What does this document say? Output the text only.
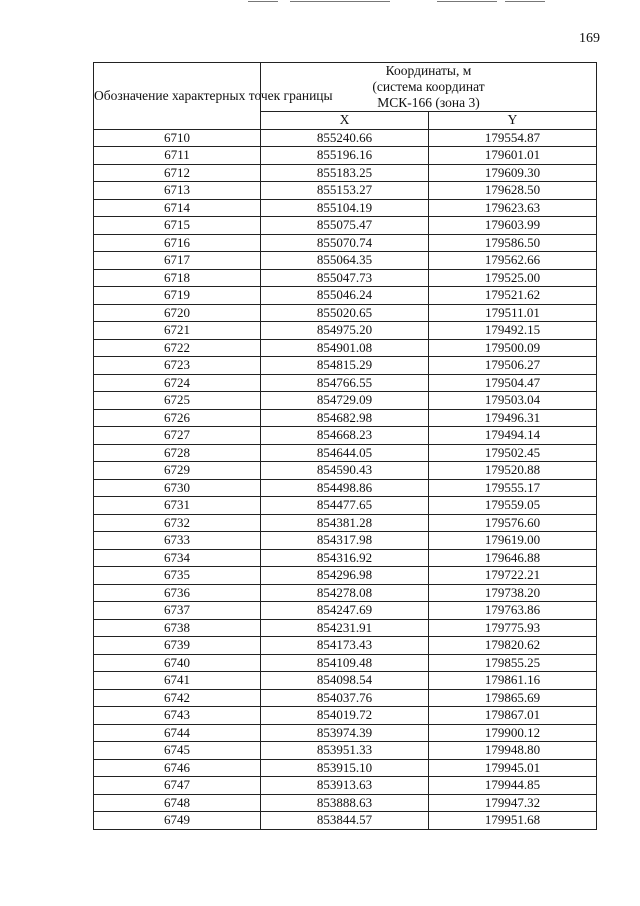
169
Обозначение характерных точек границы	Координаты, м
(система координат
МСК-166 (зона 3)	

	X	Y
6710	855240.66	179554.87
6711	855196.16	179601.01
6712	855183.25	179609.30
6713	855153.27	179628.50
6714	855104.19	179623.63
6715	855075.47	179603.99
6716	855070.74	179586.50
6717	855064.35	179562.66
6718	855047.73	179525.00
6719	855046.24	179521.62
6720	855020.65	179511.01
6721	854975.20	179492.15
6722	854901.08	179500.09
6723	854815.29	179506.27
6724	854766.55	179504.47
6725	854729.09	179503.04
6726	854682.98	179496.31
6727	854668.23	179494.14
6728	854644.05	179502.45
6729	854590.43	179520.88
6730	854498.86	179555.17
6731	854477.65	179559.05
6732	854381.28	179576.60
6733	854317.98	179619.00
6734	854316.92	179646.88
6735	854296.98	179722.21
6736	854278.08	179738.20
6737	854247.69	179763.86
6738	854231.91	179775.93
6739	854173.43	179820.62
6740	854109.48	179855.25
6741	854098.54	179861.16
6742	854037.76	179865.69
6743	854019.72	179867.01
6744	853974.39	179900.12
6745	853951.33	179948.80
6746	853915.10	179945.01
6747	853913.63	179944.85
6748	853888.63	179947.32
6749	853844.57	179951.68
